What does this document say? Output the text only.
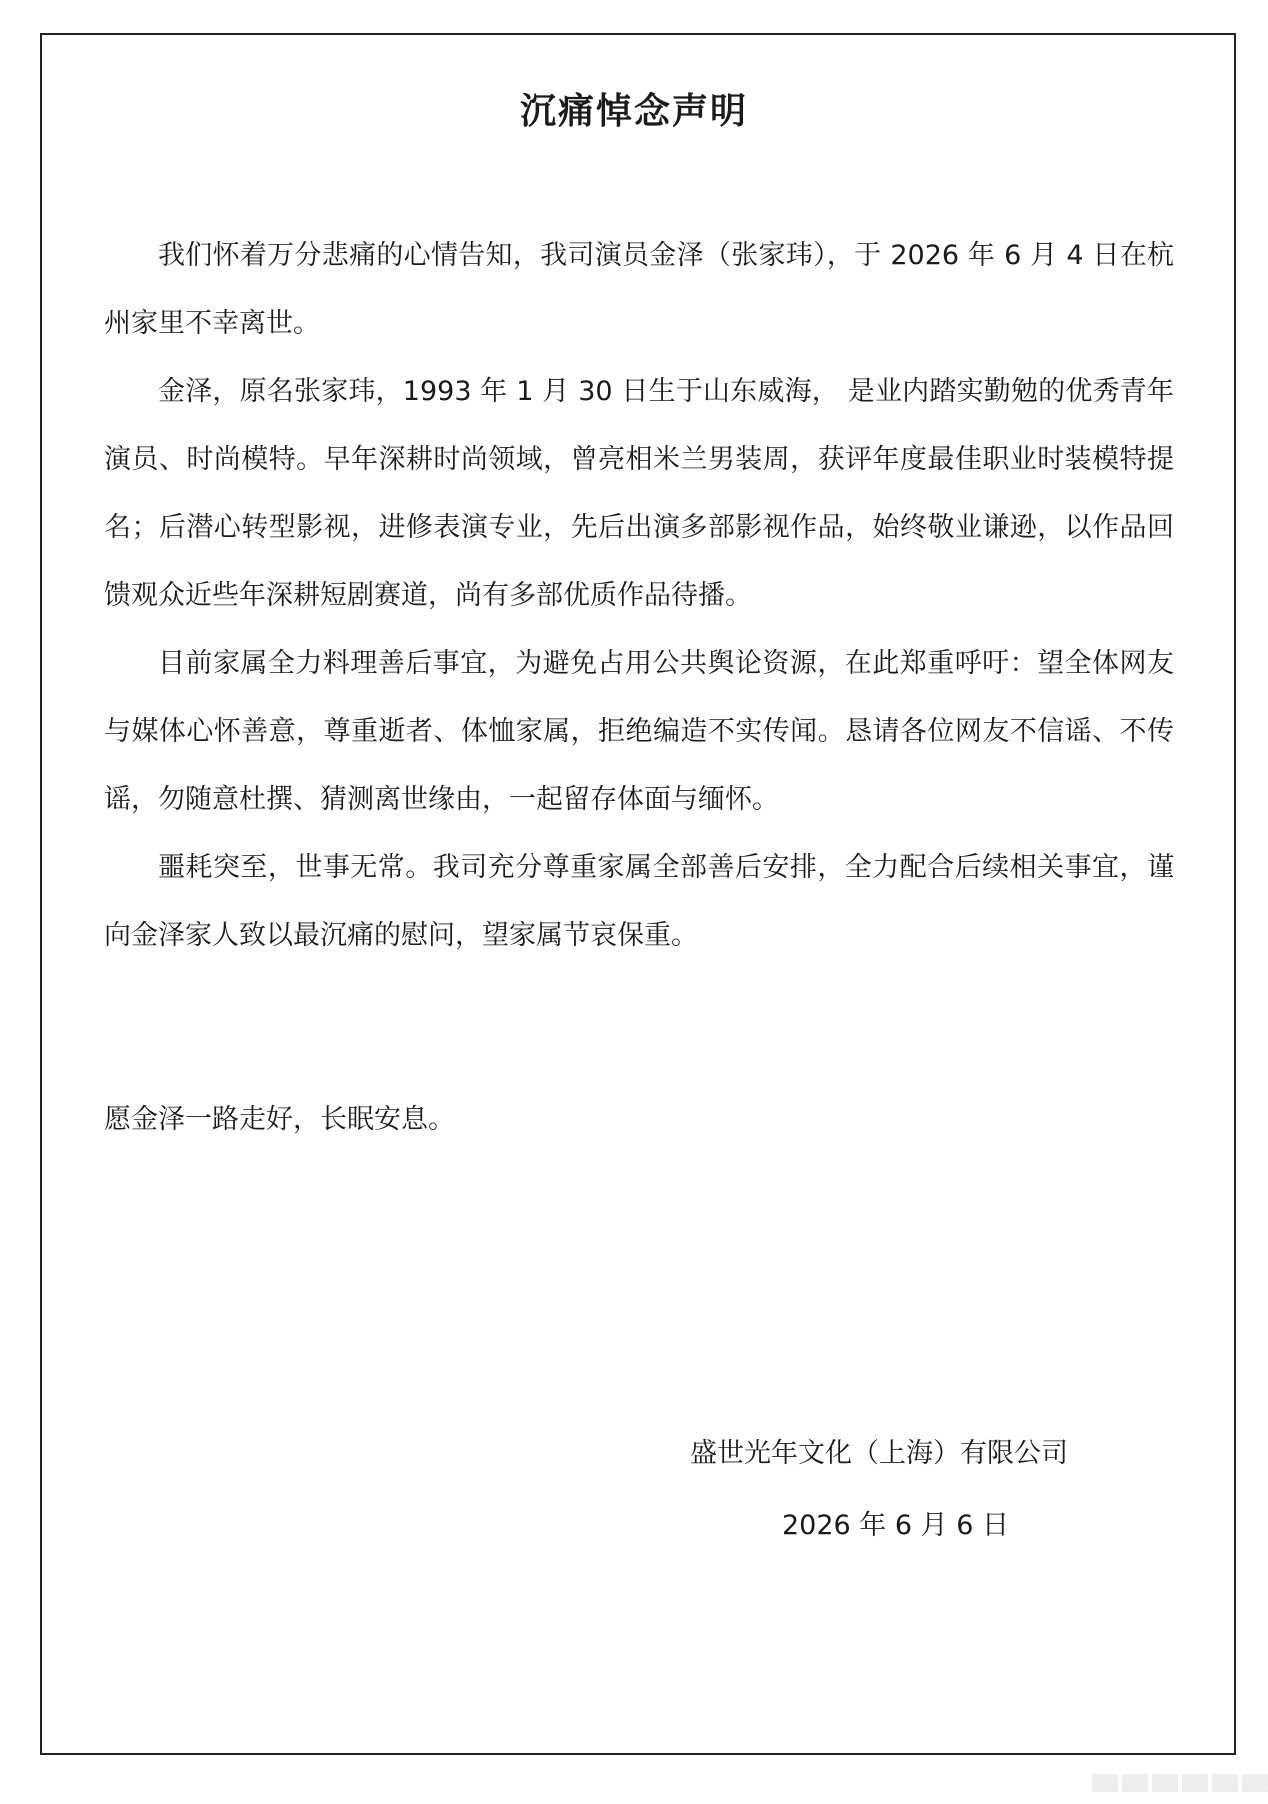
沉痛悼念声明

我们怀着万分悲痛的心情告知，我司演员金泽（张家玮），于 2026 年 6 月 4 日在杭州家里不幸离世。

金泽，原名张家玮，1993 年 1 月 30 日生于山东威海， 是业内踏实勤勉的优秀青年演员、时尚模特。早年深耕时尚领域，曾亮相米兰男装周，获评年度最佳职业时装模特提名；后潜心转型影视，进修表演专业，先后出演多部影视作品，始终敬业谦逊，以作品回馈观众近些年深耕短剧赛道，尚有多部优质作品待播。

目前家属全力料理善后事宜，为避免占用公共舆论资源，在此郑重呼吁：望全体网友与媒体心怀善意，尊重逝者、体恤家属，拒绝编造不实传闻。恳请各位网友不信谣、不传谣，勿随意杜撰、猜测离世缘由，一起留存体面与缅怀。

噩耗突至，世事无常。我司充分尊重家属全部善后安排，全力配合后续相关事宜，谨向金泽家人致以最沉痛的慰问，望家属节哀保重。

愿金泽一路走好，长眠安息。

盛世光年文化（上海）有限公司

2026 年 6 月 6 日
